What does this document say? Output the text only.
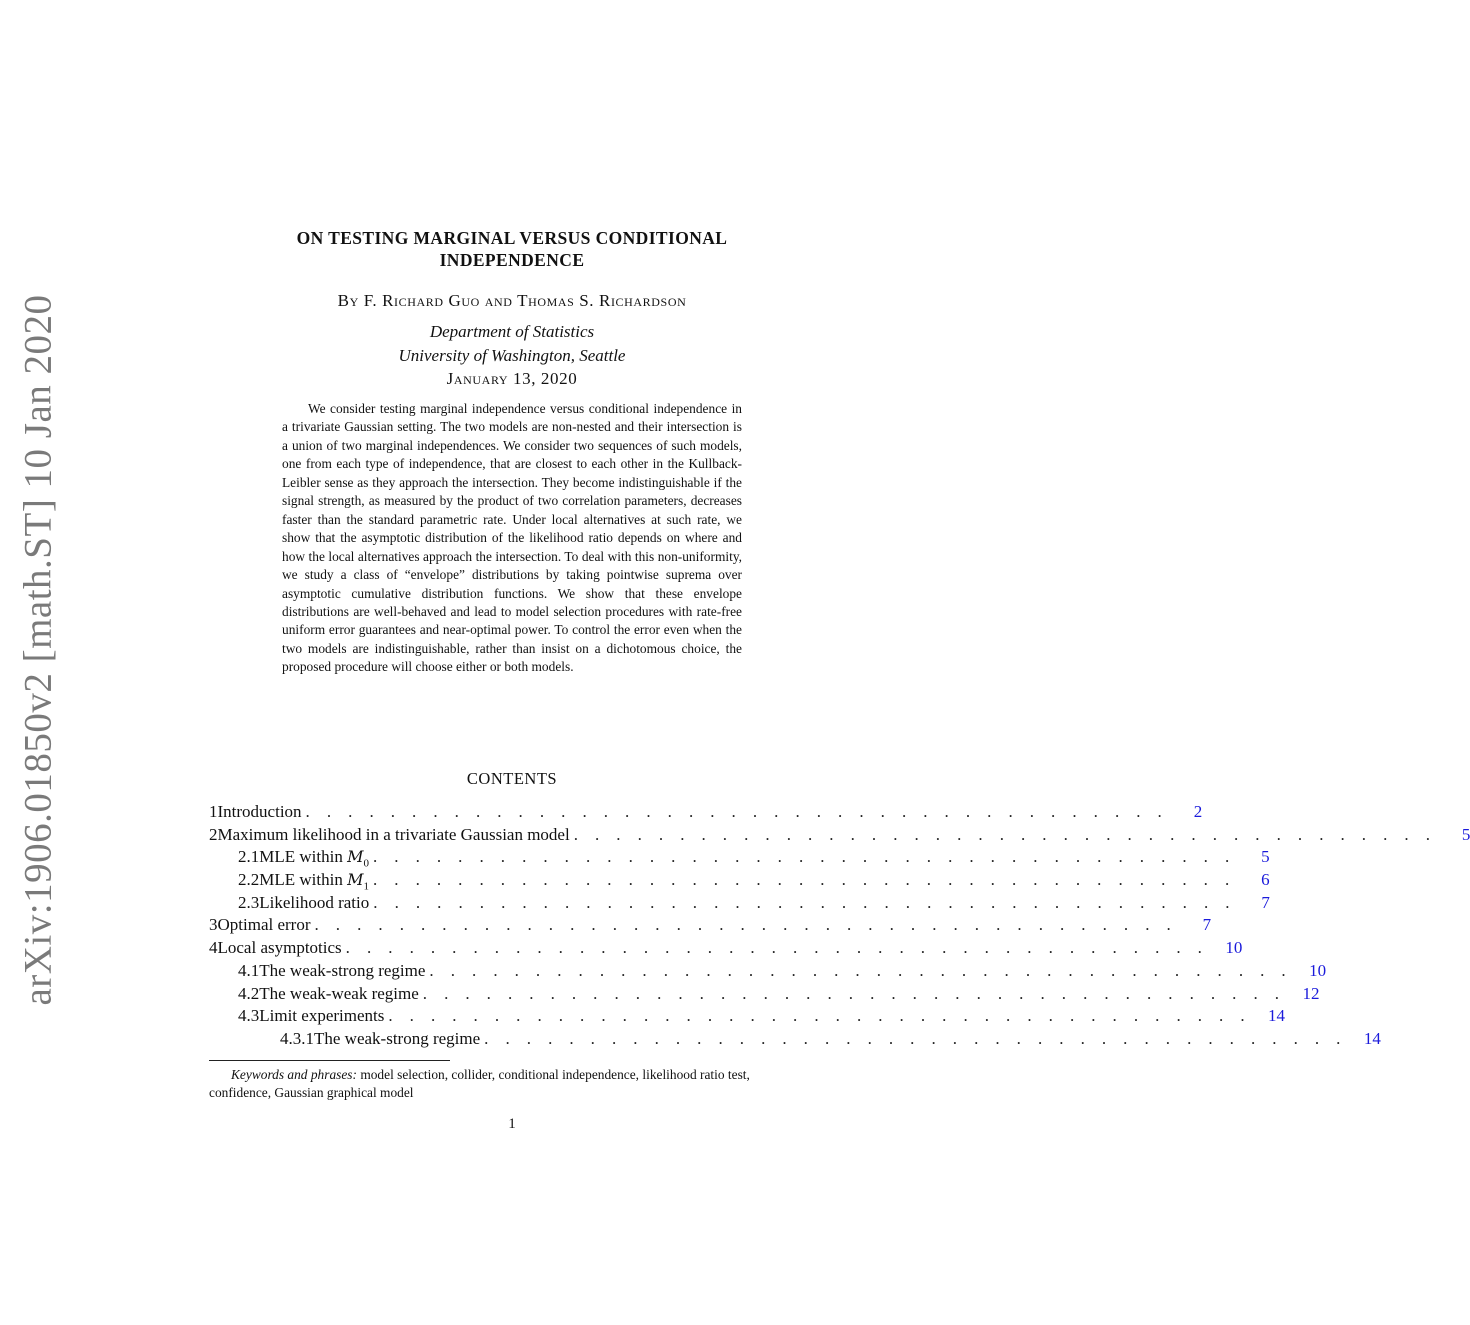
arXiv:1906.01850v2 [math.ST] 10 Jan 2020
ON TESTING MARGINAL VERSUS CONDITIONAL
INDEPENDENCE
By F. Richard Guo and Thomas S. Richardson
Department of Statistics
University of Washington, Seattle
January 13, 2020
We consider testing marginal independence versus conditional independence in a trivariate Gaussian setting. The two models are non-nested and their intersection is a union of two marginal independences. We consider two sequences of such models, one from each type of independence, that are closest to each other in the Kullback-Leibler sense as they approach the intersection. They become indistinguishable if the signal strength, as measured by the product of two correlation parameters, decreases faster than the standard parametric rate. Under local alternatives at such rate, we show that the asymptotic distribution of the likelihood ratio depends on where and how the local alternatives approach the intersection. To deal with this non-uniformity, we study a class of “envelope” distributions by taking pointwise suprema over asymptotic cumulative distribution functions. We show that these envelope distributions are well-behaved and lead to model selection procedures with rate-free uniform error guarantees and near-optimal power. To control the error even when the two models are indistinguishable, rather than insist on a dichotomous choice, the proposed procedure will choose either or both models.
CONTENTS
1 Introduction . . . . . . . . . . . . . . . . . . . . . . . . . . . . . . . . . . . . . . . . .	2
2 Maximum likelihood in a trivariate Gaussian model . . . . . . . . . . . . . . . . . . . . . . . . . . . . . . . . . . . . . . . . .	5
2.1 MLE within $M_0$ . . . . . . . . . . . . . . . . . . . . . . . . . . . . . . . . . . . . . . . . .	5
2.2 MLE within $M_1$ . . . . . . . . . . . . . . . . . . . . . . . . . . . . . . . . . . . . . . . . .	6
2.3 Likelihood ratio . . . . . . . . . . . . . . . . . . . . . . . . . . . . . . . . . . . . . . . . .	7
3 Optimal error . . . . . . . . . . . . . . . . . . . . . . . . . . . . . . . . . . . . . . . . .	7
4 Local asymptotics . . . . . . . . . . . . . . . . . . . . . . . . . . . . . . . . . . . . . . . . .	10
4.1 The weak-strong regime . . . . . . . . . . . . . . . . . . . . . . . . . . . . . . . . . . . . . . . . .	10
4.2 The weak-weak regime . . . . . . . . . . . . . . . . . . . . . . . . . . . . . . . . . . . . . . . . .	12
4.3 Limit experiments . . . . . . . . . . . . . . . . . . . . . . . . . . . . . . . . . . . . . . . . .	14
4.3.1 The weak-strong regime . . . . . . . . . . . . . . . . . . . . . . . . . . . . . . . . . . . . . . . . .	14
Keywords and phrases: model selection, collider, conditional independence, likelihood ratio test, confidence, Gaussian graphical model
1
